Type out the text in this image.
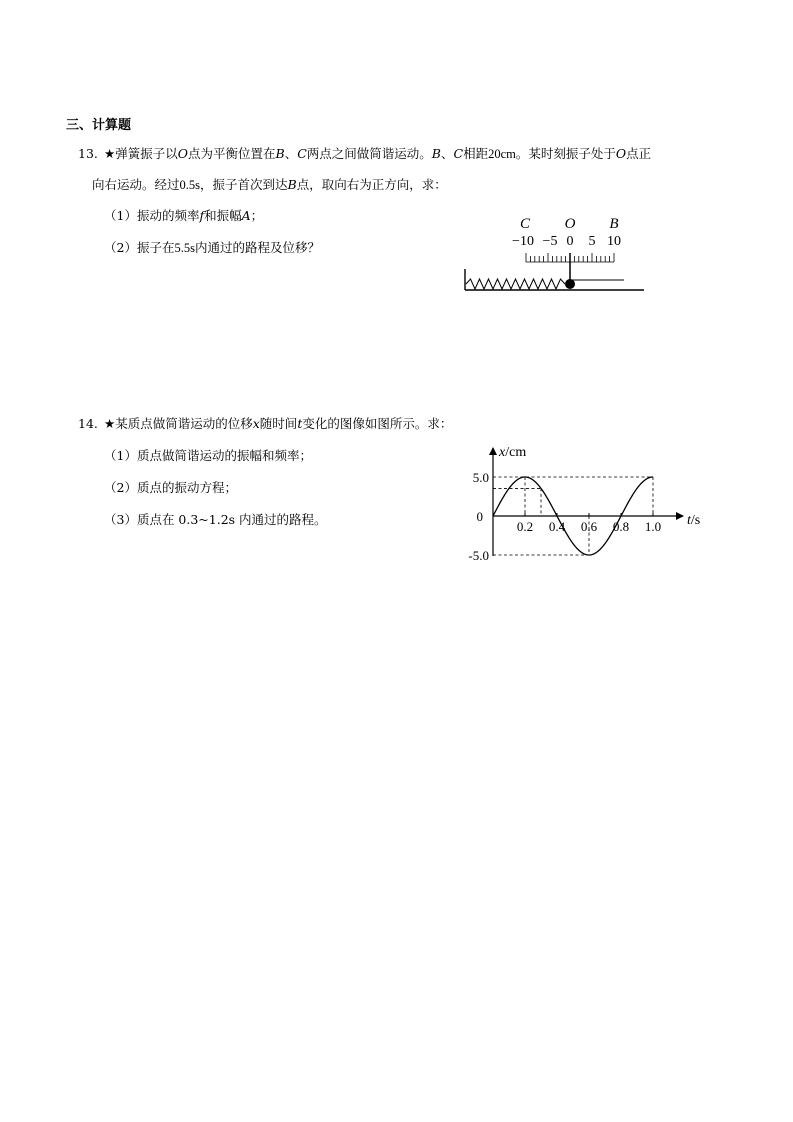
三、计算题
13. ★弹簧振子以O点为平衡位置在B、C两点之间做简谐运动。B、C相距20cm。某时刻振子处于O点正
向右运动。经过0.5s，振子首次到达B点，取向右为正方向，求：
（1）振动的频率f和振幅A；
（2）振子在5.5s内通过的路程及位移？
C O B
−10 −5 0 5 10
14. ★某质点做简谐运动的位移x随时间t变化的图像如图所示。求：
（1）质点做简谐运动的振幅和频率；
（2）质点的振动方程；
（3）质点在 0.3~1.2s 内通过的路程。
x/cm
t/s
0
0.2 0.4 0.6 0.8 1.0
5.0
-5.0
